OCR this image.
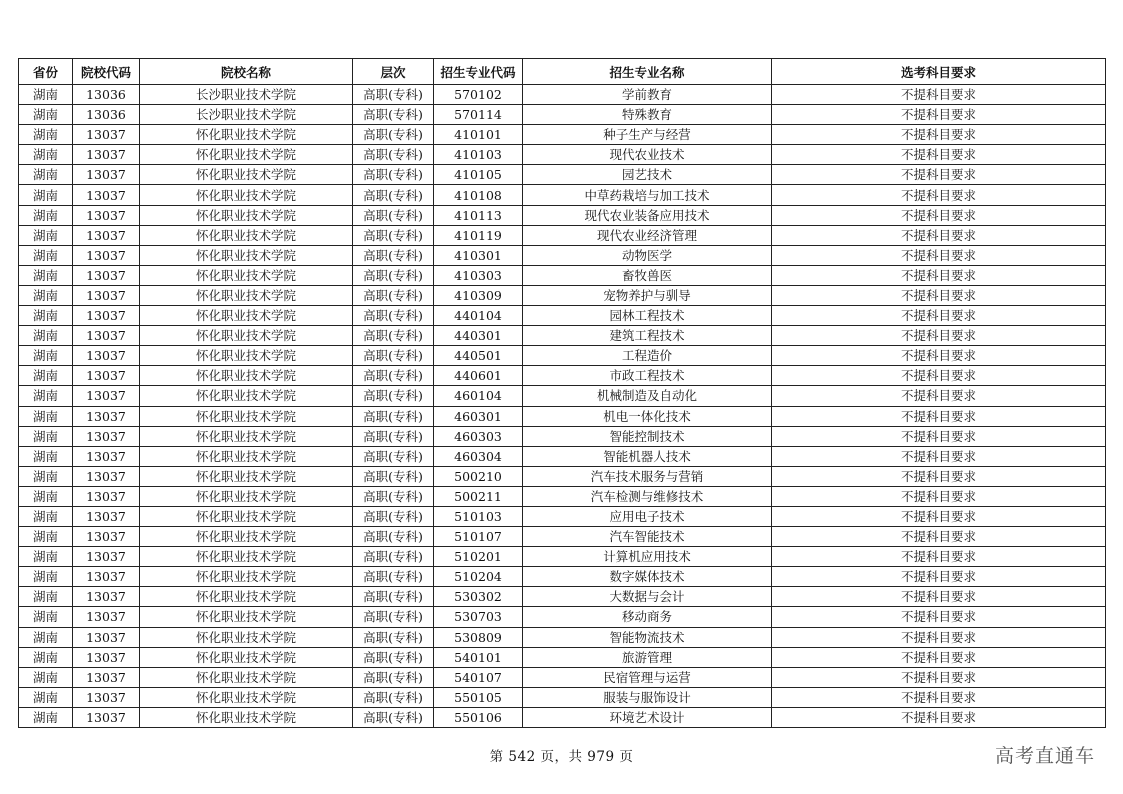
省份	院校代码	院校名称	层次	招生专业代码	招生专业名称	选考科目要求
湖南	13036	长沙职业技术学院	高职(专科)	570102	学前教育	不提科目要求
湖南	13036	长沙职业技术学院	高职(专科)	570114	特殊教育	不提科目要求
湖南	13037	怀化职业技术学院	高职(专科)	410101	种子生产与经营	不提科目要求
湖南	13037	怀化职业技术学院	高职(专科)	410103	现代农业技术	不提科目要求
湖南	13037	怀化职业技术学院	高职(专科)	410105	园艺技术	不提科目要求
湖南	13037	怀化职业技术学院	高职(专科)	410108	中草药栽培与加工技术	不提科目要求
湖南	13037	怀化职业技术学院	高职(专科)	410113	现代农业装备应用技术	不提科目要求
湖南	13037	怀化职业技术学院	高职(专科)	410119	现代农业经济管理	不提科目要求
湖南	13037	怀化职业技术学院	高职(专科)	410301	动物医学	不提科目要求
湖南	13037	怀化职业技术学院	高职(专科)	410303	畜牧兽医	不提科目要求
湖南	13037	怀化职业技术学院	高职(专科)	410309	宠物养护与驯导	不提科目要求
湖南	13037	怀化职业技术学院	高职(专科)	440104	园林工程技术	不提科目要求
湖南	13037	怀化职业技术学院	高职(专科)	440301	建筑工程技术	不提科目要求
湖南	13037	怀化职业技术学院	高职(专科)	440501	工程造价	不提科目要求
湖南	13037	怀化职业技术学院	高职(专科)	440601	市政工程技术	不提科目要求
湖南	13037	怀化职业技术学院	高职(专科)	460104	机械制造及自动化	不提科目要求
湖南	13037	怀化职业技术学院	高职(专科)	460301	机电一体化技术	不提科目要求
湖南	13037	怀化职业技术学院	高职(专科)	460303	智能控制技术	不提科目要求
湖南	13037	怀化职业技术学院	高职(专科)	460304	智能机器人技术	不提科目要求
湖南	13037	怀化职业技术学院	高职(专科)	500210	汽车技术服务与营销	不提科目要求
湖南	13037	怀化职业技术学院	高职(专科)	500211	汽车检测与维修技术	不提科目要求
湖南	13037	怀化职业技术学院	高职(专科)	510103	应用电子技术	不提科目要求
湖南	13037	怀化职业技术学院	高职(专科)	510107	汽车智能技术	不提科目要求
湖南	13037	怀化职业技术学院	高职(专科)	510201	计算机应用技术	不提科目要求
湖南	13037	怀化职业技术学院	高职(专科)	510204	数字媒体技术	不提科目要求
湖南	13037	怀化职业技术学院	高职(专科)	530302	大数据与会计	不提科目要求
湖南	13037	怀化职业技术学院	高职(专科)	530703	移动商务	不提科目要求
湖南	13037	怀化职业技术学院	高职(专科)	530809	智能物流技术	不提科目要求
湖南	13037	怀化职业技术学院	高职(专科)	540101	旅游管理	不提科目要求
湖南	13037	怀化职业技术学院	高职(专科)	540107	民宿管理与运营	不提科目要求
湖南	13037	怀化职业技术学院	高职(专科)	550105	服装与服饰设计	不提科目要求
湖南	13037	怀化职业技术学院	高职(专科)	550106	环境艺术设计	不提科目要求
第 542 页，共 979 页	高考直通车
